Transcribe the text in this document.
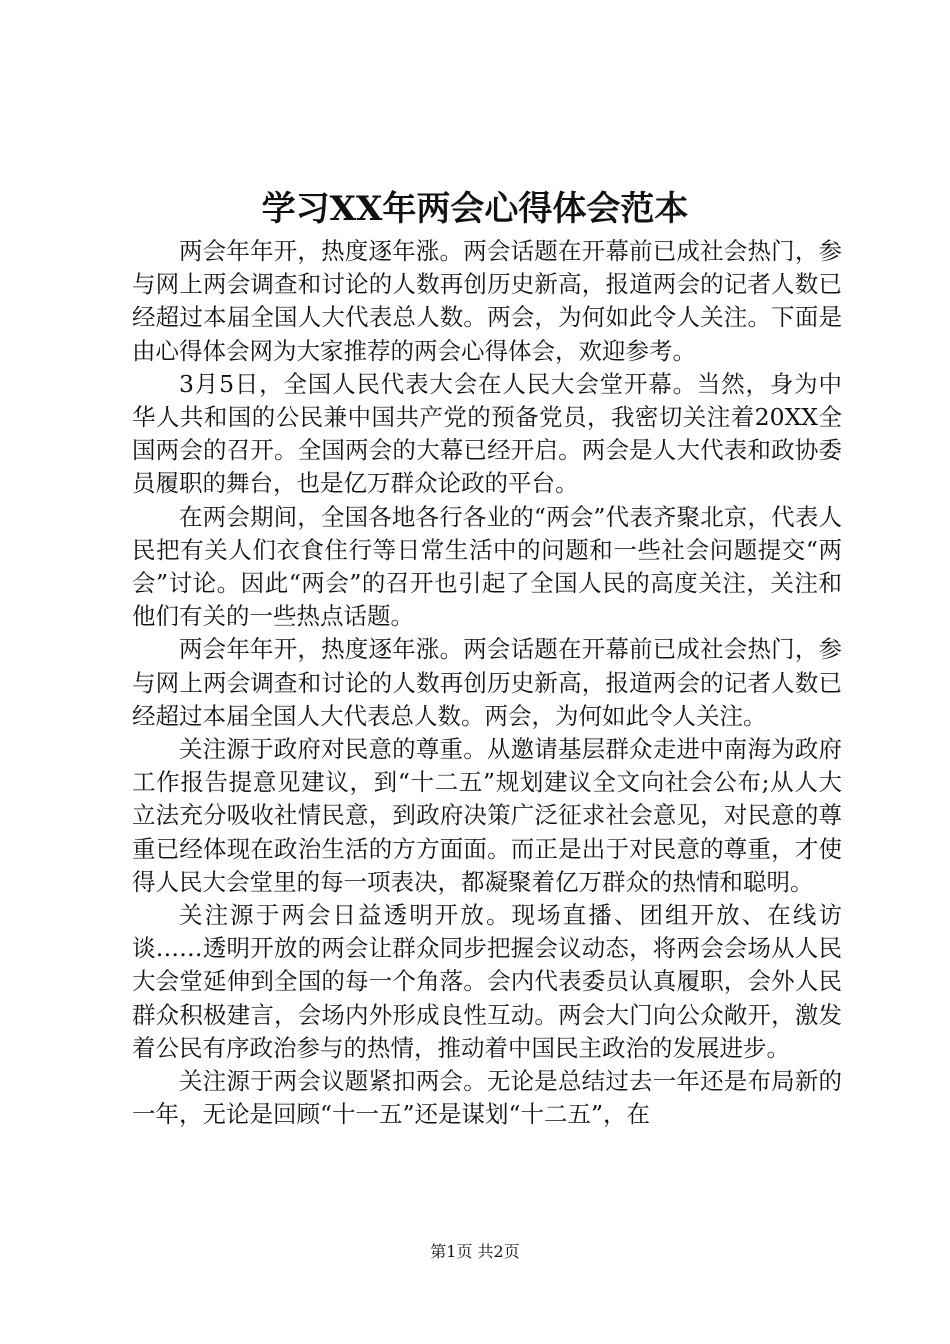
学习XX年两会心得体会范本

两会年年开，热度逐年涨。两会话题在开幕前已成社会热门，参与网上两会调查和讨论的人数再创历史新高，报道两会的记者人数已经超过本届全国人大代表总人数。两会，为何如此令人关注。下面是由心得体会网为大家推荐的两会心得体会，欢迎参考。

3月5日，全国人民代表大会在人民大会堂开幕。当然，身为中华人共和国的公民兼中国共产党的预备党员，我密切关注着20XX全国两会的召开。全国两会的大幕已经开启。两会是人大代表和政协委员履职的舞台，也是亿万群众论政的平台。

在两会期间，全国各地各行各业的“两会”代表齐聚北京，代表人民把有关人们衣食住行等日常生活中的问题和一些社会问题提交“两会”讨论。因此“两会”的召开也引起了全国人民的高度关注，关注和他们有关的一些热点话题。

两会年年开，热度逐年涨。两会话题在开幕前已成社会热门，参与网上两会调查和讨论的人数再创历史新高，报道两会的记者人数已经超过本届全国人大代表总人数。两会，为何如此令人关注。

关注源于政府对民意的尊重。从邀请基层群众走进中南海为政府工作报告提意见建议，到“十二五”规划建议全文向社会公布;从人大立法充分吸收社情民意，到政府决策广泛征求社会意见，对民意的尊重已经体现在政治生活的方方面面。而正是出于对民意的尊重，才使得人民大会堂里的每一项表决，都凝聚着亿万群众的热情和聪明。

关注源于两会日益透明开放。现场直播、团组开放、在线访谈……透明开放的两会让群众同步把握会议动态，将两会会场从人民大会堂延伸到全国的每一个角落。会内代表委员认真履职，会外人民群众积极建言，会场内外形成良性互动。两会大门向公众敞开，激发着公民有序政治参与的热情，推动着中国民主政治的发展进步。

关注源于两会议题紧扣两会。无论是总结过去一年还是布局新的一年，无论是回顾“十一五”还是谋划“十二五”，在

第1页 共2页
